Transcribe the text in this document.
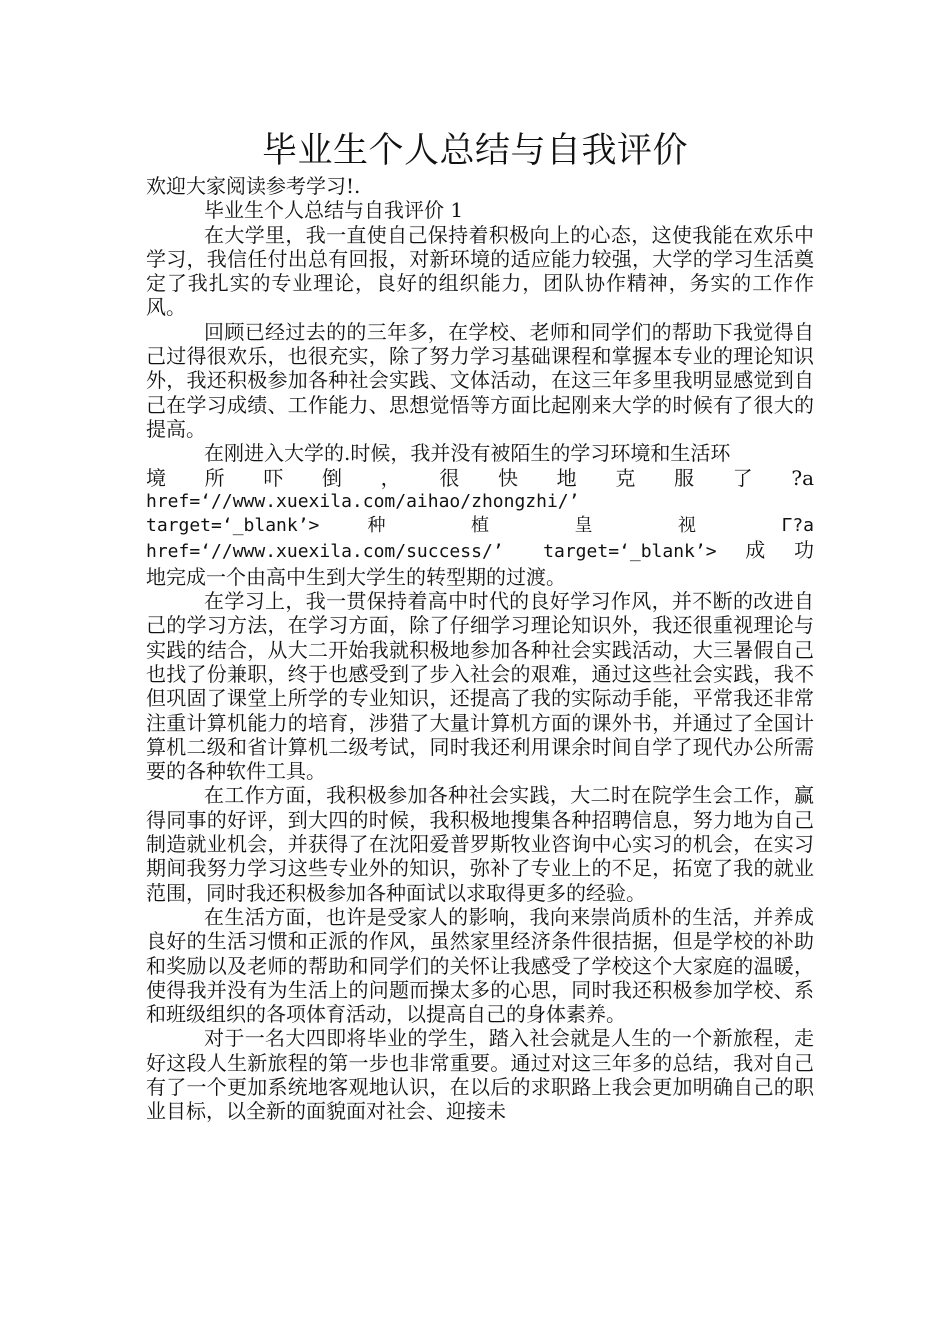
毕业生个人总结与自我评价

欢迎大家阅读参考学习!.

毕业生个人总结与自我评价 1

在大学里，我一直使自己保持着积极向上的心态，这使我能在欢乐中学习，我信任付出总有回报，对新环境的适应能力较强，大学的学习生活奠定了我扎实的专业理论，良好的组织能力，团队协作精神，务实的工作作风。

回顾已经过去的的三年多，在学校、老师和同学们的帮助下我觉得自己过得很欢乐，也很充实，除了努力学习基础课程和掌握本专业的理论知识外，我还积极参加各种社会实践、文体活动，在这三年多里我明显感觉到自己在学习成绩、工作能力、思想觉悟等方面比起刚来大学的时候有了很大的提高。

在刚进入大学的.时候，我并没有被陌生的学习环境和生活环

境 所 吓 倒 ， 很 快 地 克 服 了 ?a

href=‘//www.xuexila.com/aihao/zhongzhi/’

target=‘_blank’> 种 植 皇 视 Γ?a

href=‘//www.xuexila.com/success/’ target=‘_blank’>成功

地完成一个由高中生到大学生的转型期的过渡。

在学习上，我一贯保持着高中时代的良好学习作风，并不断的改进自己的学习方法，在学习方面，除了仔细学习理论知识外，我还很重视理论与实践的结合，从大二开始我就积极地参加各种社会实践活动，大三暑假自己也找了份兼职，终于也感受到了步入社会的艰难，通过这些社会实践，我不但巩固了课堂上所学的专业知识，还提高了我的实际动手能，平常我还非常注重计算机能力的培育，涉猎了大量计算机方面的课外书，并通过了全国计算机二级和省计算机二级考试，同时我还利用课余时间自学了现代办公所需要的各种软件工具。

在工作方面，我积极参加各种社会实践，大二时在院学生会工作，赢得同事的好评，到大四的时候，我积极地搜集各种招聘信息，努力地为自己制造就业机会，并获得了在沈阳爱普罗斯牧业咨询中心实习的机会，在实习期间我努力学习这些专业外的知识，弥补了专业上的不足，拓宽了我的就业范围，同时我还积极参加各种面试以求取得更多的经验。

在生活方面，也许是受家人的影响，我向来崇尚质朴的生活，并养成良好的生活习惯和正派的作风，虽然家里经济条件很拮据，但是学校的补助和奖励以及老师的帮助和同学们的关怀让我感受了学校这个大家庭的温暖，使得我并没有为生活上的问题而操太多的心思，同时我还积极参加学校、系和班级组织的各项体育活动，以提高自己的身体素养。

对于一名大四即将毕业的学生，踏入社会就是人生的一个新旅程，走好这段人生新旅程的第一步也非常重要。通过对这三年多的总结，我对自己有了一个更加系统地客观地认识，在以后的求职路上我会更加明确自己的职业目标，以全新的面貌面对社会、迎接未
